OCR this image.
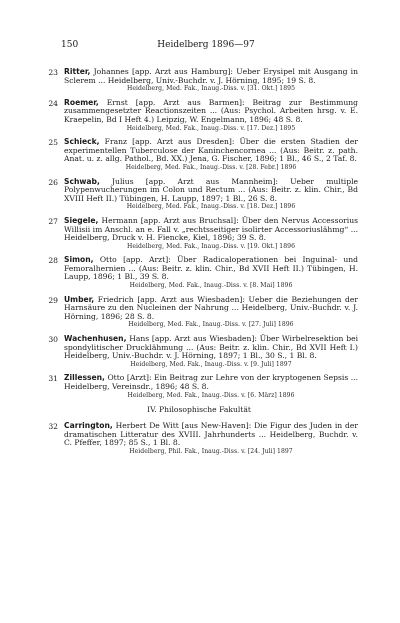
150	Heidelberg 1896—97
23 Ritter, Johannes [app. Arzt aus Hamburg]: Ueber Erysipel mit Ausgang in Sclerem ... Heidelberg, Univ.-Buchdr. v. J. Hörning, 1895; 19 S. 8.
Heidelberg, Med. Fak., Inaug.-Diss. v. [31. Okt.] 1895
24 Roemer, Ernst [app. Arzt aus Barmen]: Beitrag zur Bestimmung zusammengesetzter Reactionszeiten ... (Aus: Psychol. Arbeiten hrsg. v. E. Kraepelin, Bd I Heft 4.) Leipzig, W. Engelmann, 1896; 48 S. 8.
Heidelberg, Med. Fak., Inaug.-Diss. v. [17. Dez.] 1895
25 Schieck, Franz [app. Arzt aus Dresden]: Über die ersten Stadien der experimentellen Tuberculose der Kaninchencornea ... (Aus: Beitr. z. path. Anat. u. z. allg. Pathol., Bd. XX.) Jena, G. Fischer, 1896; 1 Bl., 46 S., 2 Taf. 8.
Heidelberg, Med. Fak., Inaug.-Diss. v. [28. Febr.] 1896
26 Schwab, Julius [app. Arzt aus Mannheim]: Ueber multiple Polypenwucherungen im Colon und Rectum ... (Aus: Beitr. z. klin. Chir., Bd XVIII Heft II.) Tübingen, H. Laupp, 1897; 1 Bl., 26 S. 8.
Heidelberg, Med. Fak., Inaug.-Diss. v. [18. Dez.] 1896
27 Siegele, Hermann [app. Arzt aus Bruchsal]: Über den Nervus Accessorius Willisii im Anschl. an e. Fall v. „rechtsseitiger isolirter Accessoriuslähmg“ ... Heidelberg, Druck v. H. Fiencke, Kiel, 1896; 39 S. 8.
Heidelberg, Med. Fak., Inaug.-Diss. v. [19. Okt.] 1896
28 Simon, Otto [app. Arzt]: Über Radicaloperationen bei Inguinal- und Femoralhernien ... (Aus: Beitr. z. klin. Chir., Bd XVII Heft II.) Tübingen, H. Laupp, 1896; 1 Bl., 39 S. 8.
Heidelberg, Med. Fak., Inaug.-Diss. v. [8. Mai] 1896
29 Umber, Friedrich [app. Arzt aus Wiesbaden]: Ueber die Beziehungen der Harnsäure zu den Nucleinen der Nahrung ... Heidelberg, Univ.-Buchdr. v. J. Hörning, 1896; 28 S. 8.
Heidelberg, Med. Fak., Inaug.-Diss. v. [27. Juli] 1896
30 Wachenhusen, Hans [app. Arzt aus Wiesbaden]: Über Wirbelresektion bei spondylitischer Drucklähmung ... (Aus: Beitr. z. klin. Chir., Bd XVII Heft I.) Heidelberg, Univ.-Buchdr. v. J. Hörning, 1897; 1 Bl., 30 S., 1 Bl. 8.
Heidelberg, Med. Fak., Inaug.-Diss. v. [9. Juli] 1897
31 Zillessen, Otto [Arzt]: Ein Beitrag zur Lehre von der kryptogenen Sepsis ... Heidelberg, Vereinsdr., 1896; 48 S. 8.
Heidelberg, Med. Fak., Inaug.-Diss. v. [6. März] 1896
IV. Philosophische Fakultät
32 Carrington, Herbert De Witt [aus New-Haven]: Die Figur des Juden in der dramatischen Litteratur des XVIII. Jahrhunderts ... Heidelberg, Buchdr. v. C. Pfeffer, 1897; 85 S., 1 Bl. 8.
Heidelberg, Phil. Fak., Inaug.-Diss. v. [24. Juli] 1897
